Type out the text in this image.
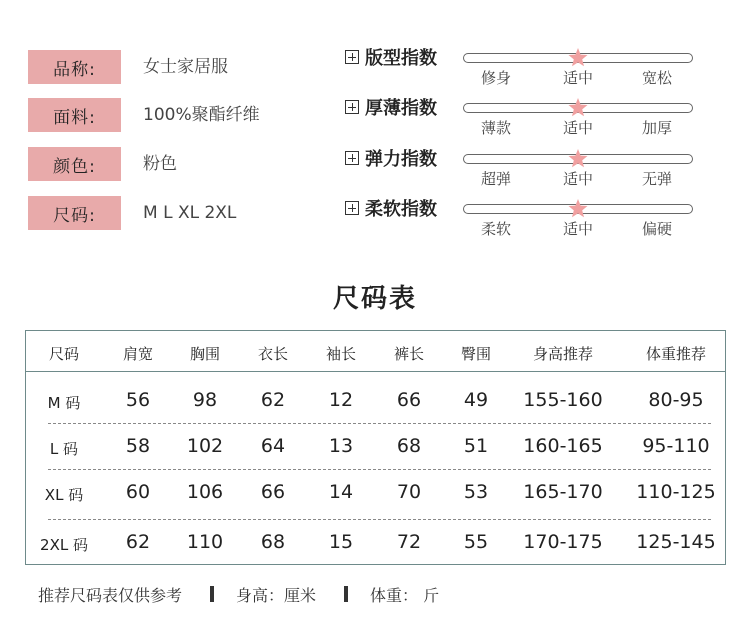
品称:	女士家居服
面料:	100%聚酯纤维
颜色:	粉色
尺码:	M L XL 2XL
版型指数
修身	适中	宽松
厚薄指数
薄款	适中	加厚
弹力指数
超弹	适中	无弹
柔软指数
柔软	适中	偏硬
尺码表
尺码	肩宽 胸围	衣长	袖长	裤长 臀围	身高推荐	体重推荐
M 码 56 98 62 12 66 49 155-160 80-95
L 码	58 102 64 13 68 51 160-165 95-110
XL 码 60 106 66 14 70 53 165-170 110-125
2XL 码 62 110 68 15 72 55 170-175 125-145
推荐尺码表仅供参考	身高：厘米	体重： 斤
